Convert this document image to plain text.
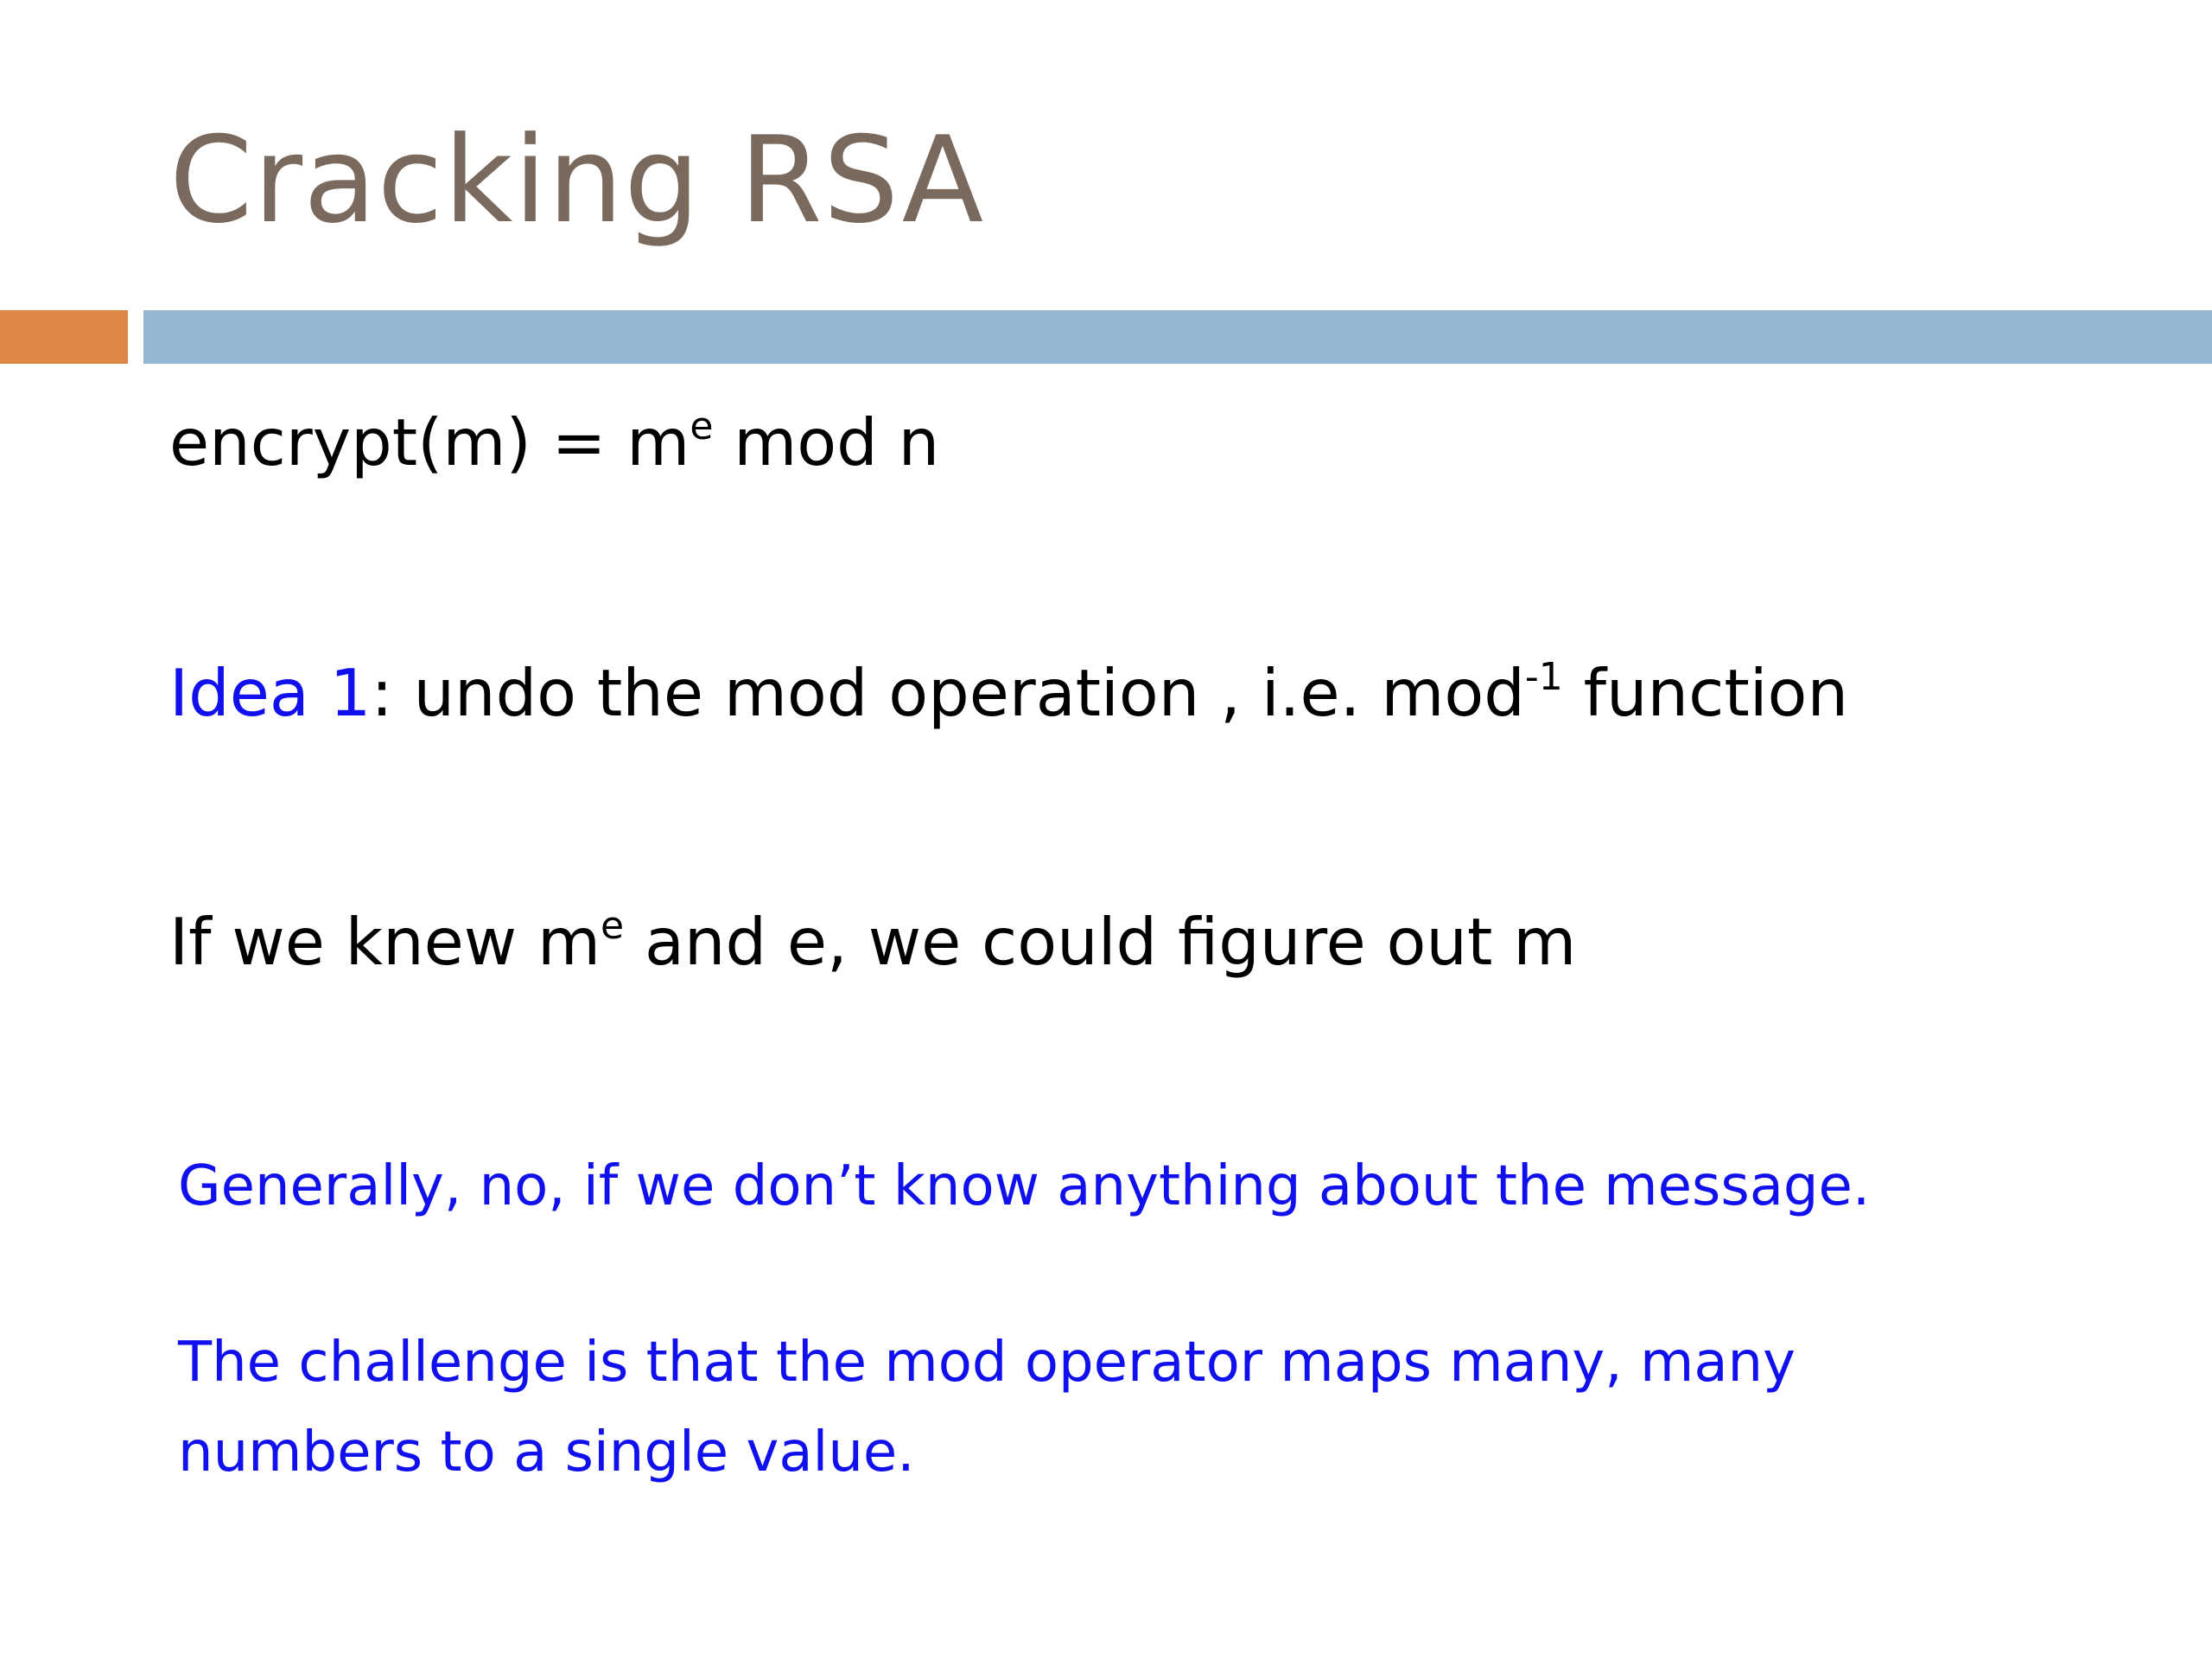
Cracking RSA
encrypt(m) = $m^e$ mod n
Idea 1: undo the mod operation , i.e. mod$^{-1}$ function
If we knew $m^e$ and e, we could figure out m
Generally, no, if we don’t know anything about the message.
The challenge is that the mod operator maps many, many
numbers to a single value.
